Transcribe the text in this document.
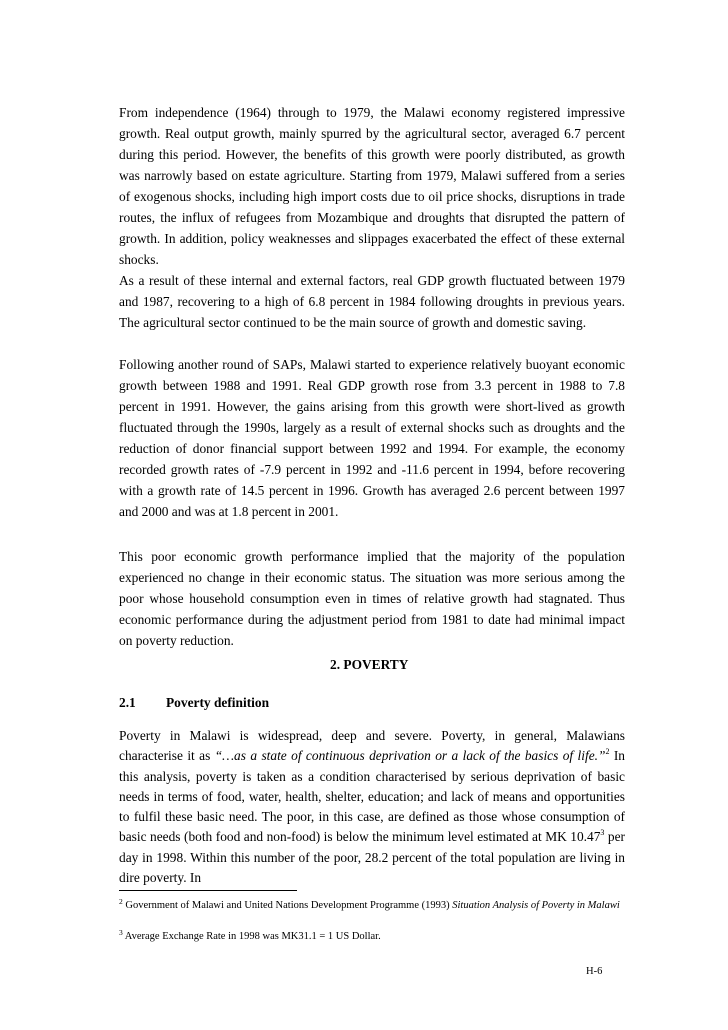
From independence (1964) through to 1979, the Malawi economy registered impressive growth. Real output growth, mainly spurred by the agricultural sector, averaged 6.7 percent during this period. However, the benefits of this growth were poorly distributed, as growth was narrowly based on estate agriculture. Starting from 1979, Malawi suffered from a series of exogenous shocks, including high import costs due to oil price shocks, disruptions in trade routes, the influx of refugees from Mozambique and droughts that disrupted the pattern of growth. In addition, policy weaknesses and slippages exacerbated the effect of these external shocks.

As a result of these internal and external factors, real GDP growth fluctuated between 1979 and 1987, recovering to a high of 6.8 percent in 1984 following droughts in previous years. The agricultural sector continued to be the main source of growth and domestic saving.

Following another round of SAPs, Malawi started to experience relatively buoyant economic growth between 1988 and 1991. Real GDP growth rose from 3.3 percent in 1988 to 7.8 percent in 1991. However, the gains arising from this growth were short-lived as growth fluctuated through the 1990s, largely as a result of external shocks such as droughts and the reduction of donor financial support between 1992 and 1994. For example, the economy recorded growth rates of -7.9 percent in 1992 and -11.6 percent in 1994, before recovering with a growth rate of 14.5 percent in 1996. Growth has averaged 2.6 percent between 1997 and 2000 and was at 1.8 percent in 2001.

This poor economic growth performance implied that the majority of the population experienced no change in their economic status. The situation was more serious among the poor whose household consumption even in times of relative growth had stagnated. Thus economic performance during the adjustment period from 1981 to date had minimal impact on poverty reduction.

2. POVERTY

2.1 Poverty definition

Poverty in Malawi is widespread, deep and severe. Poverty, in general, Malawians characterise it as “…as a state of continuous deprivation or a lack of the basics of life.”$^2$ In this analysis, poverty is taken as a condition characterised by serious deprivation of basic needs in terms of food, water, health, shelter, education; and lack of means and opportunities to fulfil these basic need. The poor, in this case, are defined as those whose consumption of basic needs (both food and non-food) is below the minimum level estimated at MK 10.47$^3$ per day in 1998. Within this number of the poor, 28.2 percent of the total population are living in dire poverty. In

$^2$ Government of Malawi and United Nations Development Programme (1993) Situation Analysis of Poverty in Malawi

$^3$ Average Exchange Rate in 1998 was MK31.1 = 1 US Dollar.

H-6
